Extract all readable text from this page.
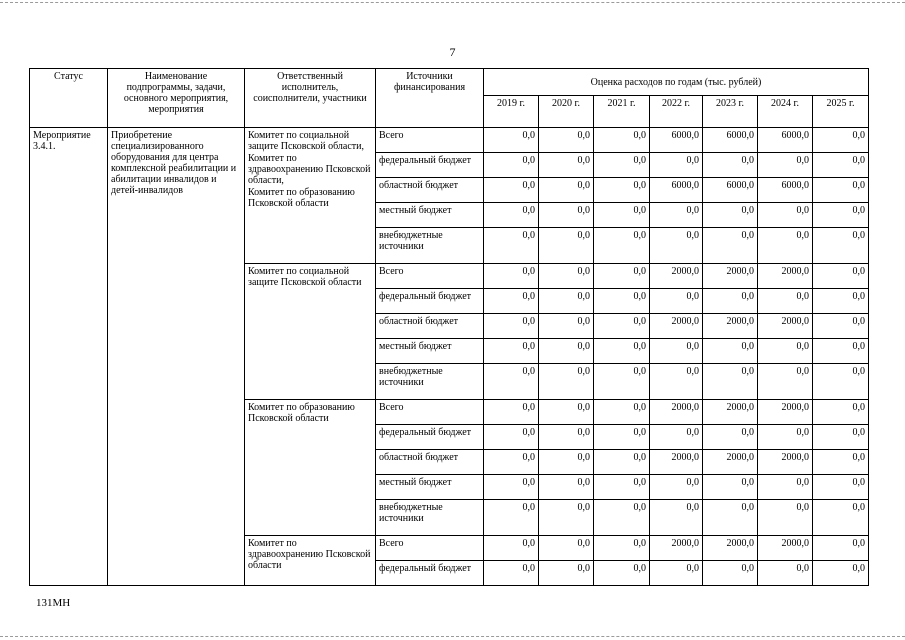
7
Статус	Наименование подпрограммы, задачи, основного мероприятия, мероприятия	Ответственный исполнитель, соисполнители, участники	Источники финансирования	Оценка расходов по годам (тыс. рублей)						
				2019 г.	2020 г.	2021 г.	2022 г.	2023 г.	2024 г.	2025 г.
Мероприятие 3.4.1.	Приобретение специализированного оборудования для центра комплексной реабилитации и абилитации инвалидов и детей-инвалидов	Комитет по социальной защите Псковской области,
Комитет по здравоохранению Псковской области,
Комитет по образованию Псковской области	Всего	0,0	0,0	0,0	6000,0	6000,0	6000,0	0,0
			федеральный бюджет	0,0	0,0	0,0	0,0	0,0	0,0	0,0
			областной бюджет	0,0	0,0	0,0	6000,0	6000,0	6000,0	0,0
			местный бюджет	0,0	0,0	0,0	0,0	0,0	0,0	0,0
			внебюджетные источники	0,0	0,0	0,0	0,0	0,0	0,0	0,0

		Комитет по социальной защите Псковской области	Всего	0,0	0,0	0,0	2000,0	2000,0	2000,0	0,0
			федеральный бюджет	0,0	0,0	0,0	0,0	0,0	0,0	0,0
			областной бюджет	0,0	0,0	0,0	2000,0	2000,0	2000,0	0,0
			местный бюджет	0,0	0,0	0,0	0,0	0,0	0,0	0,0
			внебюджетные источники	0,0	0,0	0,0	0,0	0,0	0,0	0,0

		Комитет по образованию Псковской области	Всего	0,0	0,0	0,0	2000,0	2000,0	2000,0	0,0
			федеральный бюджет	0,0	0,0	0,0	0,0	0,0	0,0	0,0
			областной бюджет	0,0	0,0	0,0	2000,0	2000,0	2000,0	0,0
			местный бюджет	0,0	0,0	0,0	0,0	0,0	0,0	0,0
			внебюджетные источники	0,0	0,0	0,0	0,0	0,0	0,0	0,0

		Комитет по здравоохранению Псковской области	Всего	0,0	0,0	0,0	2000,0	2000,0	2000,0	0,0
			федеральный бюджет	0,0	0,0	0,0	0,0	0,0	0,0	0,0
131МН
